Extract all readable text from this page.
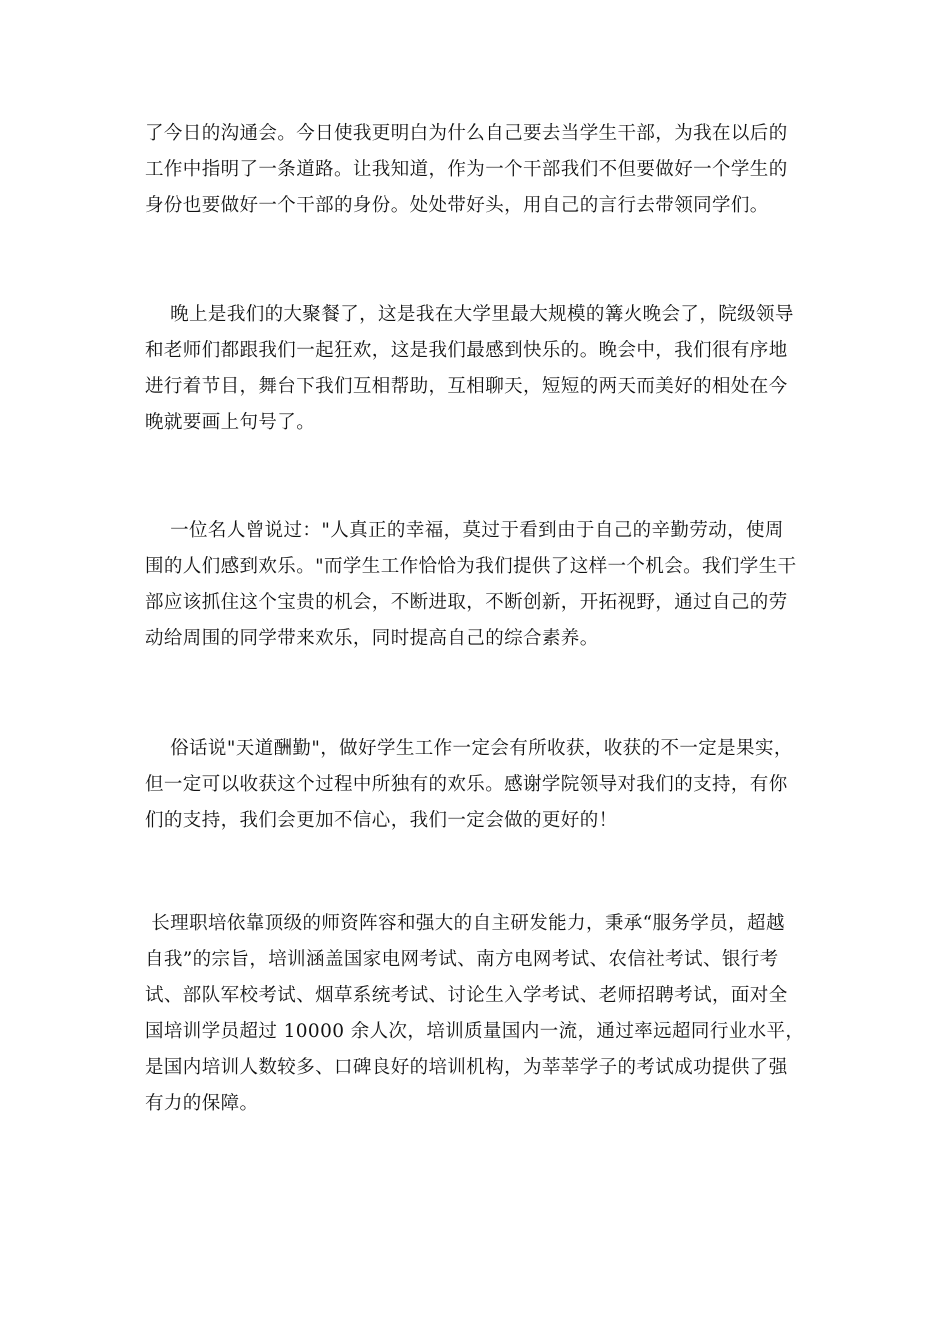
了今日的沟通会。今日使我更明白为什么自己要去当学生干部，为我在以后的
工作中指明了一条道路。让我知道，作为一个干部我们不但要做好一个学生的
身份也要做好一个干部的身份。处处带好头，用自己的言行去带领同学们。
晚上是我们的大聚餐了，这是我在大学里最大规模的篝火晚会了，院级领导
和老师们都跟我们一起狂欢，这是我们最感到快乐的。晚会中，我们很有序地
进行着节目，舞台下我们互相帮助，互相聊天，短短的两天而美好的相处在今
晚就要画上句号了。
一位名人曾说过："人真正的幸福，莫过于看到由于自己的辛勤劳动，使周
围的人们感到欢乐。"而学生工作恰恰为我们提供了这样一个机会。我们学生干
部应该抓住这个宝贵的机会，不断进取，不断创新，开拓视野，通过自己的劳
动给周围的同学带来欢乐，同时提高自己的综合素养。
俗话说"天道酬勤"，做好学生工作一定会有所收获，收获的不一定是果实，
但一定可以收获这个过程中所独有的欢乐。感谢学院领导对我们的支持，有你
们的支持，我们会更加不信心，我们一定会做的更好的！
长理职培依靠顶级的师资阵容和强大的自主研发能力，秉承“服务学员，超越
自我”的宗旨，培训涵盖国家电网考试、南方电网考试、农信社考试、银行考
试、部队军校考试、烟草系统考试、讨论生入学考试、老师招聘考试，面对全
国培训学员超过 10000 余人次，培训质量国内一流，通过率远超同行业水平，
是国内培训人数较多、口碑良好的培训机构，为莘莘学子的考试成功提供了强
有力的保障。
